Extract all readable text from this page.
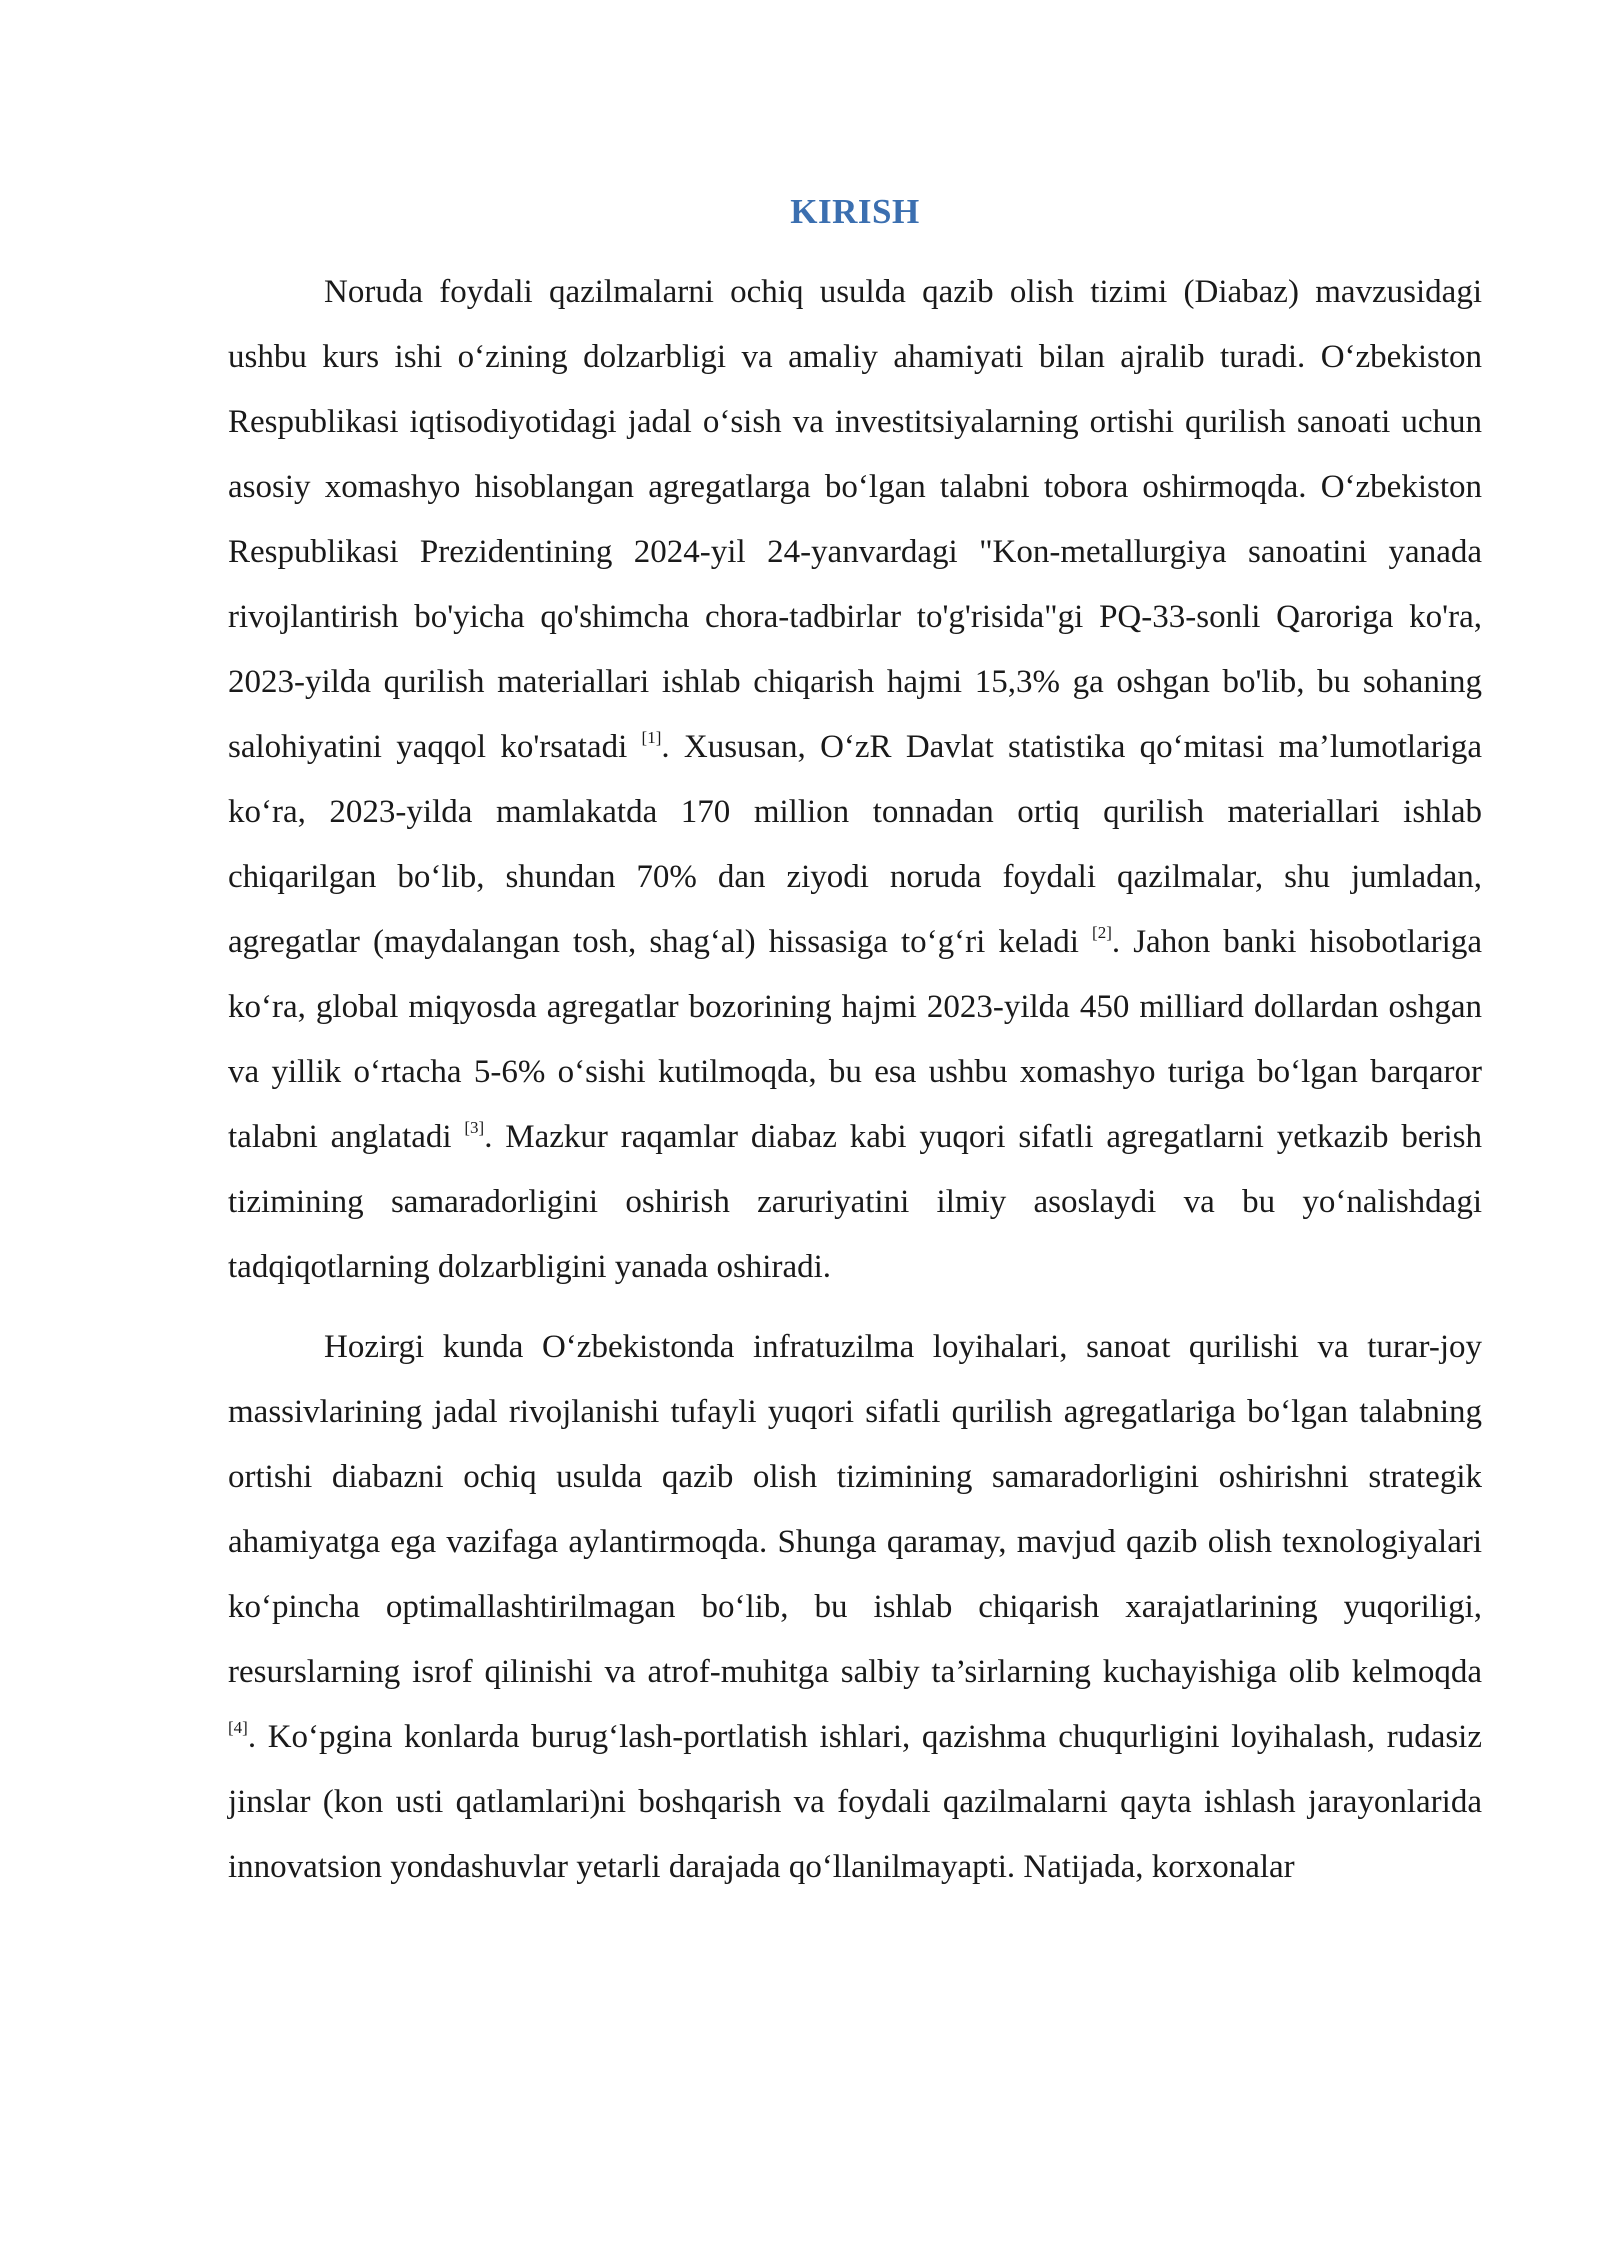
KIRISH

Noruda foydali qazilmalarni ochiq usulda qazib olish tizimi (Diabaz) mavzusidagi ushbu kurs ishi o‘zining dolzarbligi va amaliy ahamiyati bilan ajralib turadi. O‘zbekiston Respublikasi iqtisodiyotidagi jadal o‘sish va investitsiyalarning ortishi qurilish sanoati uchun asosiy xomashyo hisoblangan agregatlarga bo‘lgan talabni tobora oshirmoqda. O‘zbekiston Respublikasi Prezidentining 2024-yil 24-yanvardagi "Kon-metallurgiya sanoatini yanada rivojlantirish bo'yicha qo'shimcha chora-tadbirlar to'g'risida"gi PQ-33-sonli Qaroriga ko'ra, 2023-yilda qurilish materiallari ishlab chiqarish hajmi 15,3% ga oshgan bo'lib, bu sohaning salohiyatini yaqqol ko'rsatadi [1]. Xususan, O‘zR Davlat statistika qo‘mitasi ma’lumotlariga ko‘ra, 2023-yilda mamlakatda 170 million tonnadan ortiq qurilish materiallari ishlab chiqarilgan bo‘lib, shundan 70% dan ziyodi noruda foydali qazilmalar, shu jumladan, agregatlar (maydalangan tosh, shag‘al) hissasiga to‘g‘ri keladi [2]. Jahon banki hisobotlariga ko‘ra, global miqyosda agregatlar bozorining hajmi 2023-yilda 450 milliard dollardan oshgan va yillik o‘rtacha 5-6% o‘sishi kutilmoqda, bu esa ushbu xomashyo turiga bo‘lgan barqaror talabni anglatadi [3]. Mazkur raqamlar diabaz kabi yuqori sifatli agregatlarni yetkazib berish tizimining samaradorligini oshirish zaruriyatini ilmiy asoslaydi va bu yo‘nalishdagi tadqiqotlarning dolzarbligini yanada oshiradi.

Hozirgi kunda O‘zbekistonda infratuzilma loyihalari, sanoat qurilishi va turar-joy massivlarining jadal rivojlanishi tufayli yuqori sifatli qurilish agregatlariga bo‘lgan talabning ortishi diabazni ochiq usulda qazib olish tizimining samaradorligini oshirishni strategik ahamiyatga ega vazifaga aylantirmoqda. Shunga qaramay, mavjud qazib olish texnologiyalari ko‘pincha optimallashtirilmagan bo‘lib, bu ishlab chiqarish xarajatlarining yuqoriligi, resurslarning isrof qilinishi va atrof-muhitga salbiy ta’sirlarning kuchayishiga olib kelmoqda [4]. Ko‘pgina konlarda burug‘lash-portlatish ishlari, qazishma chuqurligini loyihalash, rudasiz jinslar (kon usti qatlamlari)ni boshqarish va foydali qazilmalarni qayta ishlash jarayonlarida innovatsion yondashuvlar yetarli darajada qo‘llanilmayapti. Natijada, korxonalar
